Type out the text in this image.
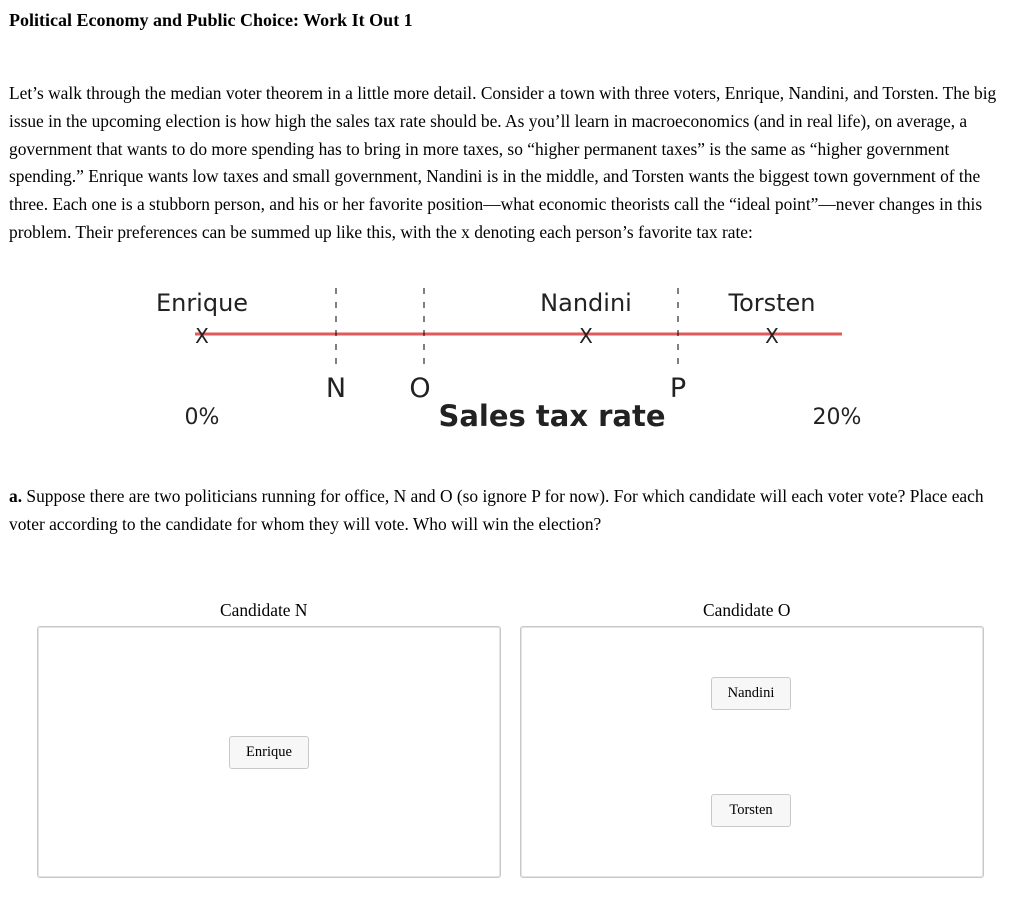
Political Economy and Public Choice: Work It Out 1
Let’s walk through the median voter theorem in a little more detail. Consider a town with three voters, Enrique, Nandini, and Torsten. The big issue in the upcoming election is how high the sales tax rate should be. As you’ll learn in macroeconomics (and in real life), on average, a government that wants to do more spending has to bring in more taxes, so “higher permanent taxes” is the same as “higher government spending.” Enrique wants low taxes and small government, Nandini is in the middle, and Torsten wants the biggest town government of the three. Each one is a stubborn person, and his or her favorite position—what economic theorists call the “ideal point”—never changes in this problem. Their preferences can be summed up like this, with the x denoting each person’s favorite tax rate:
Enrique	Nandini	Torsten
X	X	X
N O	P
0%	Sales tax rate	20%
a. Suppose there are two politicians running for office, N and O (so ignore P for now). For which candidate will each voter vote? Place each voter according to the candidate for whom they will vote. Who will win the election?
Candidate N	Candidate O
Enrique
Nandini
Torsten
